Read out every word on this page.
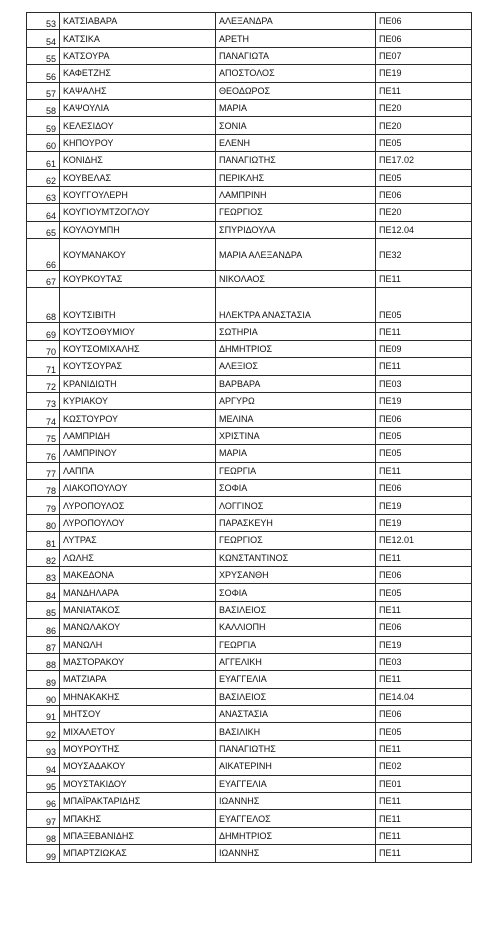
53	ΚΑΤΣΙΑΒΑΡΑ	ΑΛΕΞΑΝΔΡΑ	ΠΕ06
54	ΚΑΤΣΙΚΑ	ΑΡΕΤΗ	ΠΕ06
55	ΚΑΤΣΟΥΡΑ	ΠΑΝΑΓΙΩΤΑ	ΠΕ07
56	ΚΑΦΕΤΖΗΣ	ΑΠΟΣΤΟΛΟΣ	ΠΕ19
57	ΚΑΨΑΛΗΣ	ΘΕΟΔΩΡΟΣ	ΠΕ11
58	ΚΑΨΟΥΛΙΑ	ΜΑΡΙΑ	ΠΕ20
59	ΚΕΛΕΣΙΔΟΥ	ΣΟΝΙΑ	ΠΕ20
60	ΚΗΠΟΥΡΟΥ	ΕΛΕΝΗ	ΠΕ05
61	ΚΟΝΙΔΗΣ	ΠΑΝΑΓΙΩΤΗΣ	ΠΕ17.02
62	ΚΟΥΒΕΛΑΣ	ΠΕΡΙΚΛΗΣ	ΠΕ05
63	ΚΟΥΓΓΟΥΛΕΡΗ	ΛΑΜΠΡΙΝΗ	ΠΕ06
64	ΚΟΥΓΙΟΥΜΤΖΟΓΛΟΥ	ΓΕΩΡΓΙΟΣ	ΠΕ20
65	ΚΟΥΛΟΥΜΠΗ	ΣΠΥΡΙΔΟΥΛΑ	ΠΕ12.04
66	ΚΟΥΜΑΝΑΚΟΥ	ΜΑΡΙΑ ΑΛΕΞΑΝΔΡΑ	ΠΕ32
67	ΚΟΥΡΚΟΥΤΑΣ	ΝΙΚΟΛΑΟΣ	ΠΕ11
68	ΚΟΥΤΣΙΒΙΤΗ	ΗΛΕΚΤΡΑ ΑΝΑΣΤΑΣΙΑ	ΠΕ05
69	ΚΟΥΤΣΟΘΥΜΙΟΥ	ΣΩΤΗΡΙΑ	ΠΕ11
70	ΚΟΥΤΣΟΜΙΧΑΛΗΣ	ΔΗΜΗΤΡΙΟΣ	ΠΕ09
71	ΚΟΥΤΣΟΥΡΑΣ	ΑΛΕΞΙΟΣ	ΠΕ11
72	ΚΡΑΝΙΔΙΩΤΗ	ΒΑΡΒΑΡΑ	ΠΕ03
73	ΚΥΡΙΑΚΟΥ	ΑΡΓΥΡΩ	ΠΕ19
74	ΚΩΣΤΟΥΡΟΥ	ΜΕΛΙΝΑ	ΠΕ06
75	ΛΑΜΠΡΙΔΗ	ΧΡΙΣΤΙΝΑ	ΠΕ05
76	ΛΑΜΠΡΙΝΟΥ	ΜΑΡΙΑ	ΠΕ05
77	ΛΑΠΠΑ	ΓΕΩΡΓΙΑ	ΠΕ11
78	ΛΙΑΚΟΠΟΥΛΟΥ	ΣΟΦΙΑ	ΠΕ06
79	ΛΥΡΟΠΟΥΛΟΣ	ΛΟΓΓΙΝΟΣ	ΠΕ19
80	ΛΥΡΟΠΟΥΛΟΥ	ΠΑΡΑΣΚΕΥΗ	ΠΕ19
81	ΛΥΤΡΑΣ	ΓΕΩΡΓΙΟΣ	ΠΕ12.01
82	ΛΩΛΗΣ	ΚΩΝΣΤΑΝΤΙΝΟΣ	ΠΕ11
83	ΜΑΚΕΔΟΝΑ	ΧΡΥΣΑΝΘΗ	ΠΕ06
84	ΜΑΝΔΗΛΑΡΑ	ΣΟΦΙΑ	ΠΕ05
85	ΜΑΝΙΑΤΑΚΟΣ	ΒΑΣΙΛΕΙΟΣ	ΠΕ11
86	ΜΑΝΩΛΑΚΟΥ	ΚΑΛΛΙΟΠΗ	ΠΕ06
87	ΜΑΝΩΛΗ	ΓΕΩΡΓΙΑ	ΠΕ19
88	ΜΑΣΤΟΡΑΚΟΥ	ΑΓΓΕΛΙΚΗ	ΠΕ03
89	ΜΑΤΖΙΑΡΑ	ΕΥΑΓΓΕΛΙΑ	ΠΕ11
90	ΜΗΝΑΚΑΚΗΣ	ΒΑΣΙΛΕΙΟΣ	ΠΕ14.04
91	ΜΗΤΣΟΥ	ΑΝΑΣΤΑΣΙΑ	ΠΕ06
92	ΜΙΧΑΛΕΤΟΥ	ΒΑΣΙΛΙΚΗ	ΠΕ05
93	ΜΟΥΡΟΥΤΗΣ	ΠΑΝΑΓΙΩΤΗΣ	ΠΕ11
94	ΜΟΥΣΑΔΑΚΟΥ	ΑΙΚΑΤΕΡΙΝΗ	ΠΕ02
95	ΜΟΥΣΤΑΚΙΔΟΥ	ΕΥΑΓΓΕΛΙΑ	ΠΕ01
96	ΜΠΑΪΡΑΚΤΑΡΙΔΗΣ	ΙΩΑΝΝΗΣ	ΠΕ11
97	ΜΠΑΚΗΣ	ΕΥΑΓΓΕΛΟΣ	ΠΕ11
98	ΜΠΑΞΕΒΑΝΙΔΗΣ	ΔΗΜΗΤΡΙΟΣ	ΠΕ11
99	ΜΠΑΡΤΖΙΩΚΑΣ	ΙΩΑΝΝΗΣ	ΠΕ11
